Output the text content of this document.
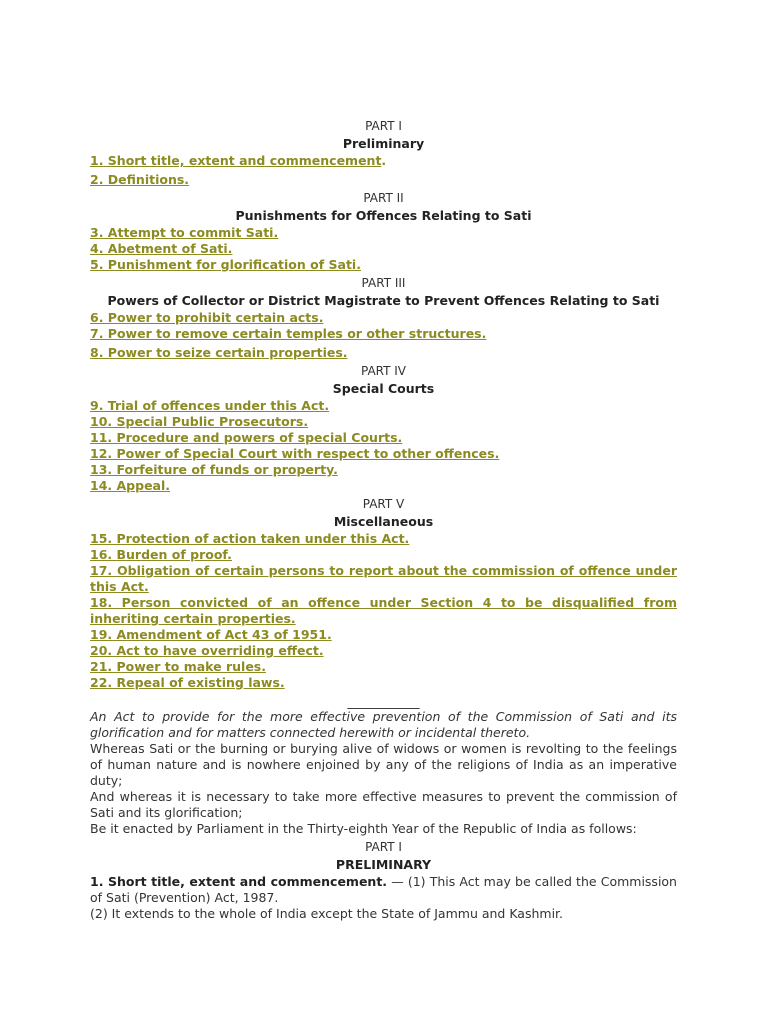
PART I
Preliminary
1. Short title, extent and commencement.
2. Definitions.
PART II
Punishments for Offences Relating to Sati
3. Attempt to commit Sati.
4. Abetment of Sati.
5. Punishment for glorification of Sati.
PART III
Powers of Collector or District Magistrate to Prevent Offences Relating to Sati
6. Power to prohibit certain acts.
7. Power to remove certain temples or other structures.
8. Power to seize certain properties.
PART IV
Special Courts
9. Trial of offences under this Act.
10. Special Public Prosecutors.
11. Procedure and powers of special Courts.
12. Power of Special Court with respect to other offences.
13. Forfeiture of funds or property.
14. Appeal.
PART V
Miscellaneous
15. Protection of action taken under this Act.
16. Burden of proof.
17. Obligation of certain persons to report about the commission of offence under this Act.
18. Person convicted of an offence under Section 4 to be disqualified from inheriting certain properties.
19. Amendment of Act 43 of 1951.
20. Act to have overriding effect.
21. Power to make rules.
22. Repeal of existing laws.
____________
An Act to provide for the more effective prevention of the Commission of Sati and its glorification and for matters connected herewith or incidental thereto.
Whereas Sati or the burning or burying alive of widows or women is revolting to the feelings of human nature and is nowhere enjoined by any of the religions of India as an imperative duty;
And whereas it is necessary to take more effective measures to prevent the commission of Sati and its glorification;
Be it enacted by Parliament in the Thirty-eighth Year of the Republic of India as follows:
PART I
PRELIMINARY
1. Short title, extent and commencement. — (1) This Act may be called the Commission of Sati (Prevention) Act, 1987.
(2) It extends to the whole of India except the State of Jammu and Kashmir.
